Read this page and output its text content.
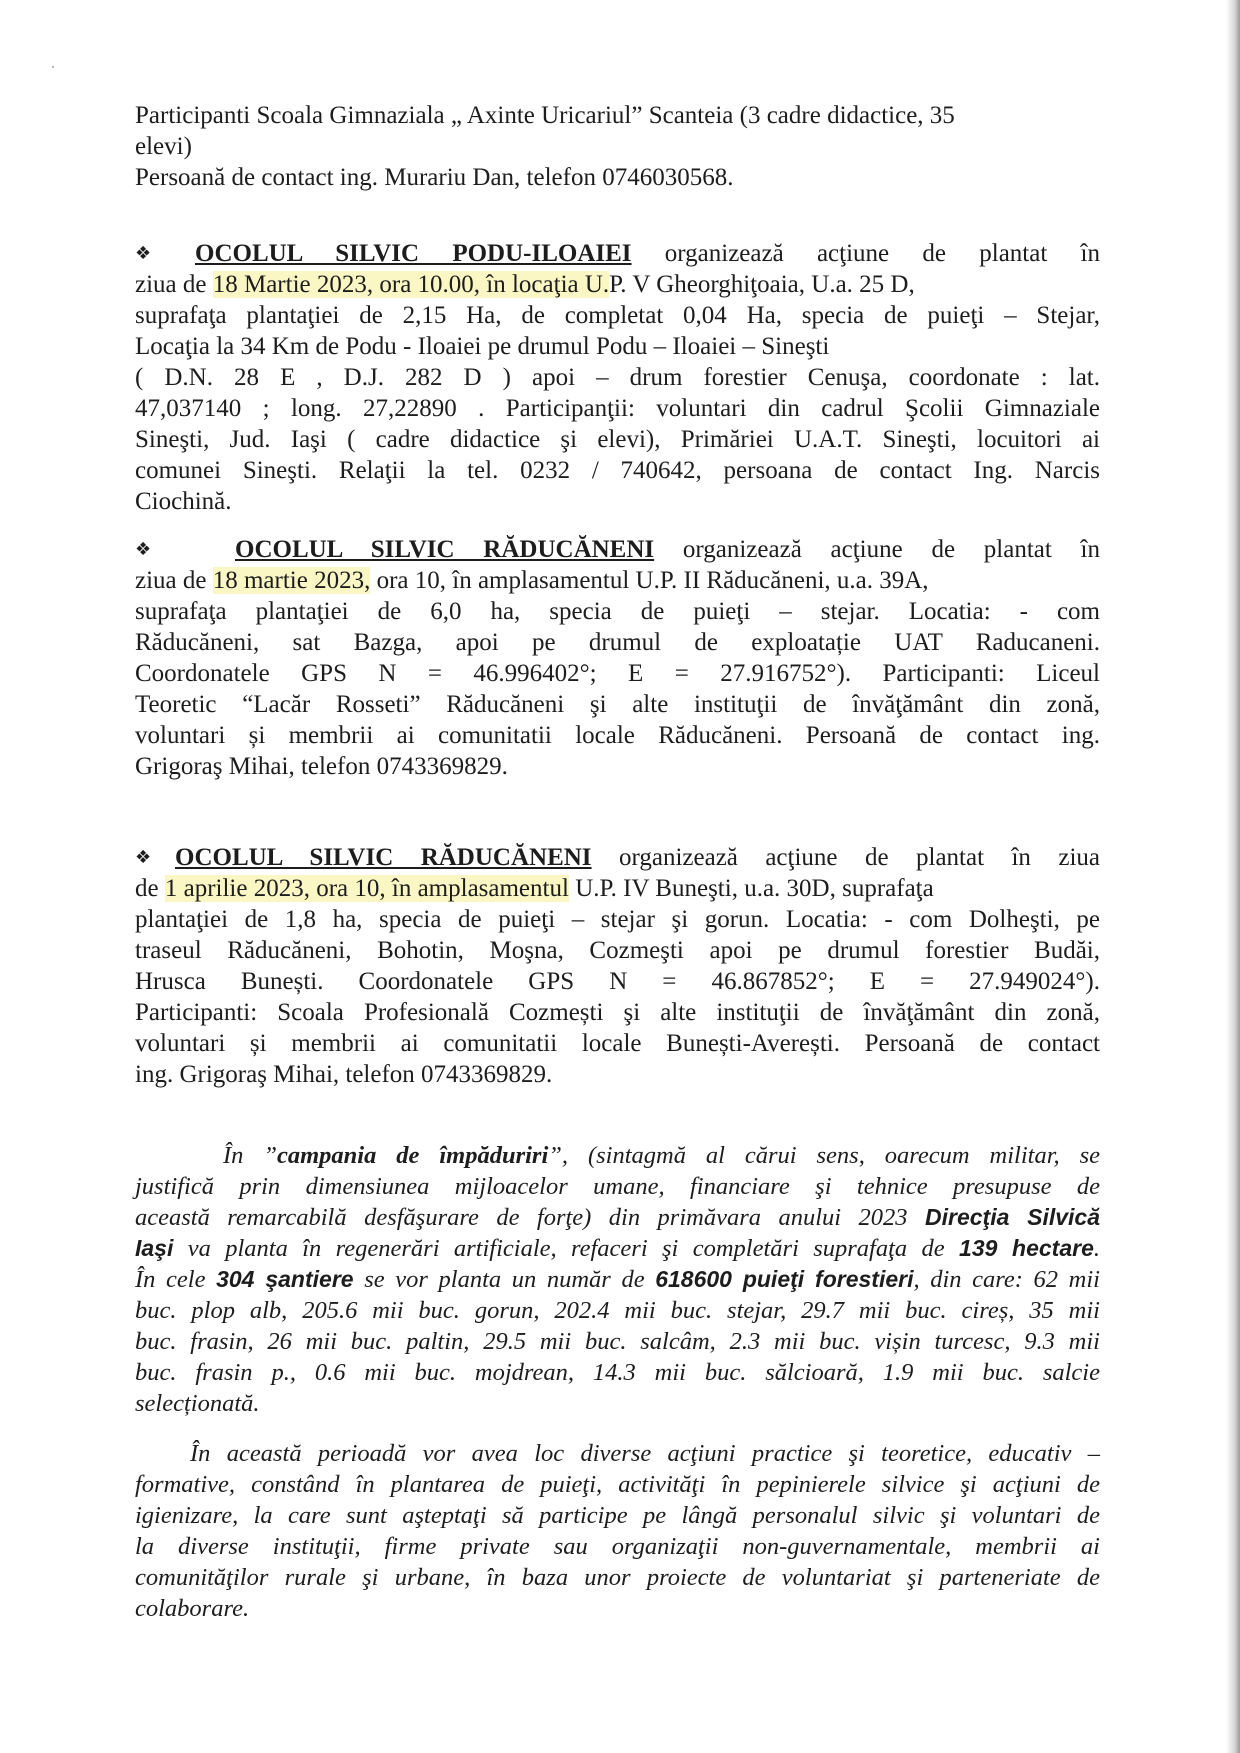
Participanti Scoala Gimnaziala „ Axinte Uricariul” Scanteia (3 cadre didactice, 35
elevi)
Persoană de contact ing. Murariu Dan, telefon 0746030568.
❖ OCOLUL SILVIC PODU-ILOAIEI organizează acţiune de plantat în
ziua de 18 Martie 2023, ora 10.00, în locaţia U.P. V Gheorghiţoaia, U.a. 25 D,
suprafaţa plantaţiei de 2,15 Ha, de completat 0,04 Ha, specia de puieţi – Stejar,
Locaţia la 34 Km de Podu - Iloaiei pe drumul Podu – Iloaiei – Sineşti
( D.N. 28 E , D.J. 282 D ) apoi – drum forestier Cenuşa, coordonate : lat.
47,037140 ; long. 27,22890 . Participanţii: voluntari din cadrul Şcolii Gimnaziale
Sineşti, Jud. Iaşi ( cadre didactice şi elevi), Primăriei U.A.T. Sineşti, locuitori ai
comunei Sineşti. Relaţii la tel. 0232 / 740642, persoana de contact Ing. Narcis
Ciochină.
❖	OCOLUL SILVIC RĂDUCĂNENI organizează acţiune de plantat în
ziua de 18 martie 2023, ora 10, în amplasamentul U.P. II Răducăneni, u.a. 39A,
suprafaţa plantaţiei de 6,0 ha, specia de puieţi – stejar. Locatia: - com
Răducăneni, sat Bazga, apoi pe drumul de exploatație UAT Raducaneni.
Coordonatele GPS N = 46.996402°; E = 27.916752°). Participanti: Liceul
Teoretic “Lacăr Rosseti” Răducăneni şi alte instituţii de învăţământ din zonă,
voluntari și membrii ai comunitatii locale Răducăneni. Persoană de contact ing.
Grigoraş Mihai, telefon 0743369829.
❖ OCOLUL SILVIC RĂDUCĂNENI organizează acţiune de plantat în ziua
de 1 aprilie 2023, ora 10, în amplasamentul U.P. IV Buneşti, u.a. 30D, suprafaţa
plantaţiei de 1,8 ha, specia de puieţi – stejar şi gorun. Locatia: - com Dolheşti, pe
traseul Răducăneni, Bohotin, Moşna, Cozmeşti apoi pe drumul forestier Budăi,
Hrusca Bunești. Coordonatele GPS N = 46.867852°; E = 27.949024°).
Participanti: Scoala Profesională Cozmești şi alte instituţii de învăţământ din zonă,
voluntari și membrii ai comunitatii locale Bunești-Averești. Persoană de contact
ing. Grigoraş Mihai, telefon 0743369829.
În ”campania de împăduriri”, (sintagmă al cărui sens, oarecum militar, se
justifică prin dimensiunea mijloacelor umane, financiare şi tehnice presupuse de
această remarcabilă desfăşurare de forţe) din primăvara anului 2023 Direcţia Silvică
Iaşi va planta în regenerări artificiale, refaceri şi completări suprafaţa de 139 hectare.
În cele 304 şantiere se vor planta un număr de 618600 puieţi forestieri, din care: 62 mii
buc. plop alb, 205.6 mii buc. gorun, 202.4 mii buc. stejar, 29.7 mii buc. cireș, 35 mii
buc. frasin, 26 mii buc. paltin, 29.5 mii buc. salcâm, 2.3 mii buc. vișin turcesc, 9.3 mii
buc. frasin p., 0.6 mii buc. mojdrean, 14.3 mii buc. sălcioară, 1.9 mii buc. salcie
selecționată.
În această perioadă vor avea loc diverse acţiuni practice şi teoretice, educativ –
formative, constând în plantarea de puieţi, activităţi în pepinierele silvice şi acţiuni de
igienizare, la care sunt aşteptaţi să participe pe lângă personalul silvic şi voluntari de
la diverse instituţii, firme private sau organizaţii non-guvernamentale, membrii ai
comunităţilor rurale şi urbane, în baza unor proiecte de voluntariat şi parteneriate de
colaborare.
